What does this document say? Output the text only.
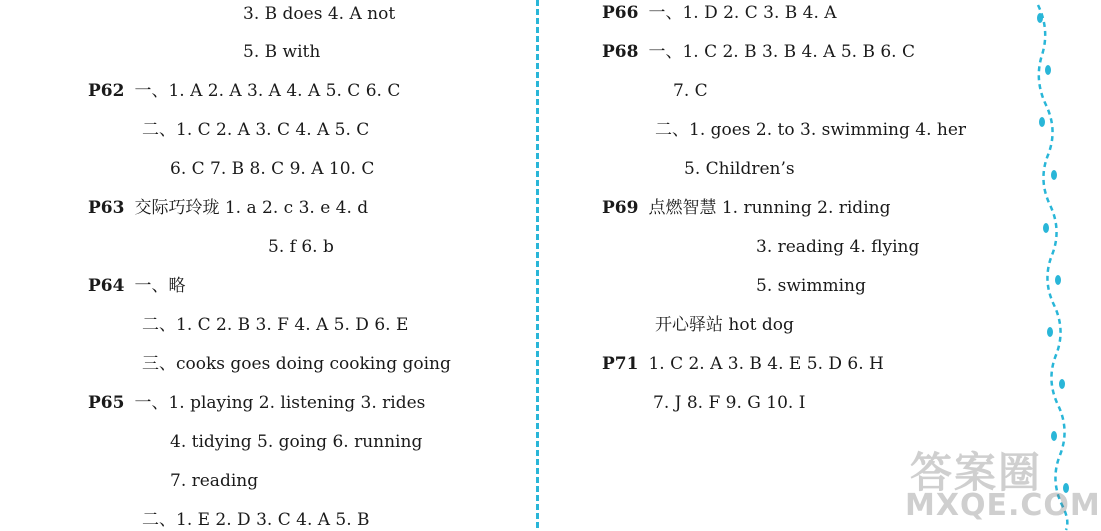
3. B does 4. A not
5. B with
P62 一、1. A 2. A 3. A 4. A 5. C 6. C
二、1. C 2. A 3. C 4. A 5. C
6. C 7. B 8. C 9. A 10. C
P63 交际巧玲珑 1. a 2. c 3. e 4. d
5. f 6. b
P64 一、略
二、1. C 2. B 3. F 4. A 5. D 6. E
三、cooks goes doing cooking going
P65 一、1. playing 2. listening 3. rides
4. tidying 5. going 6. running
7. reading
二、1. E 2. D 3. C 4. A 5. B
P66 一、1. D 2. C 3. B 4. A
P68 一、1. C 2. B 3. B 4. A 5. B 6. C
7. C
二、1. goes 2. to 3. swimming 4. her
5. Children’s
P69 点燃智慧 1. running 2. riding
3. reading 4. flying
5. swimming
开心驿站 hot dog
P71 1. C 2. A 3. B 4. E 5. D 6. H
7. J 8. F 9. G 10. I
答案圈
MXQE.COM
